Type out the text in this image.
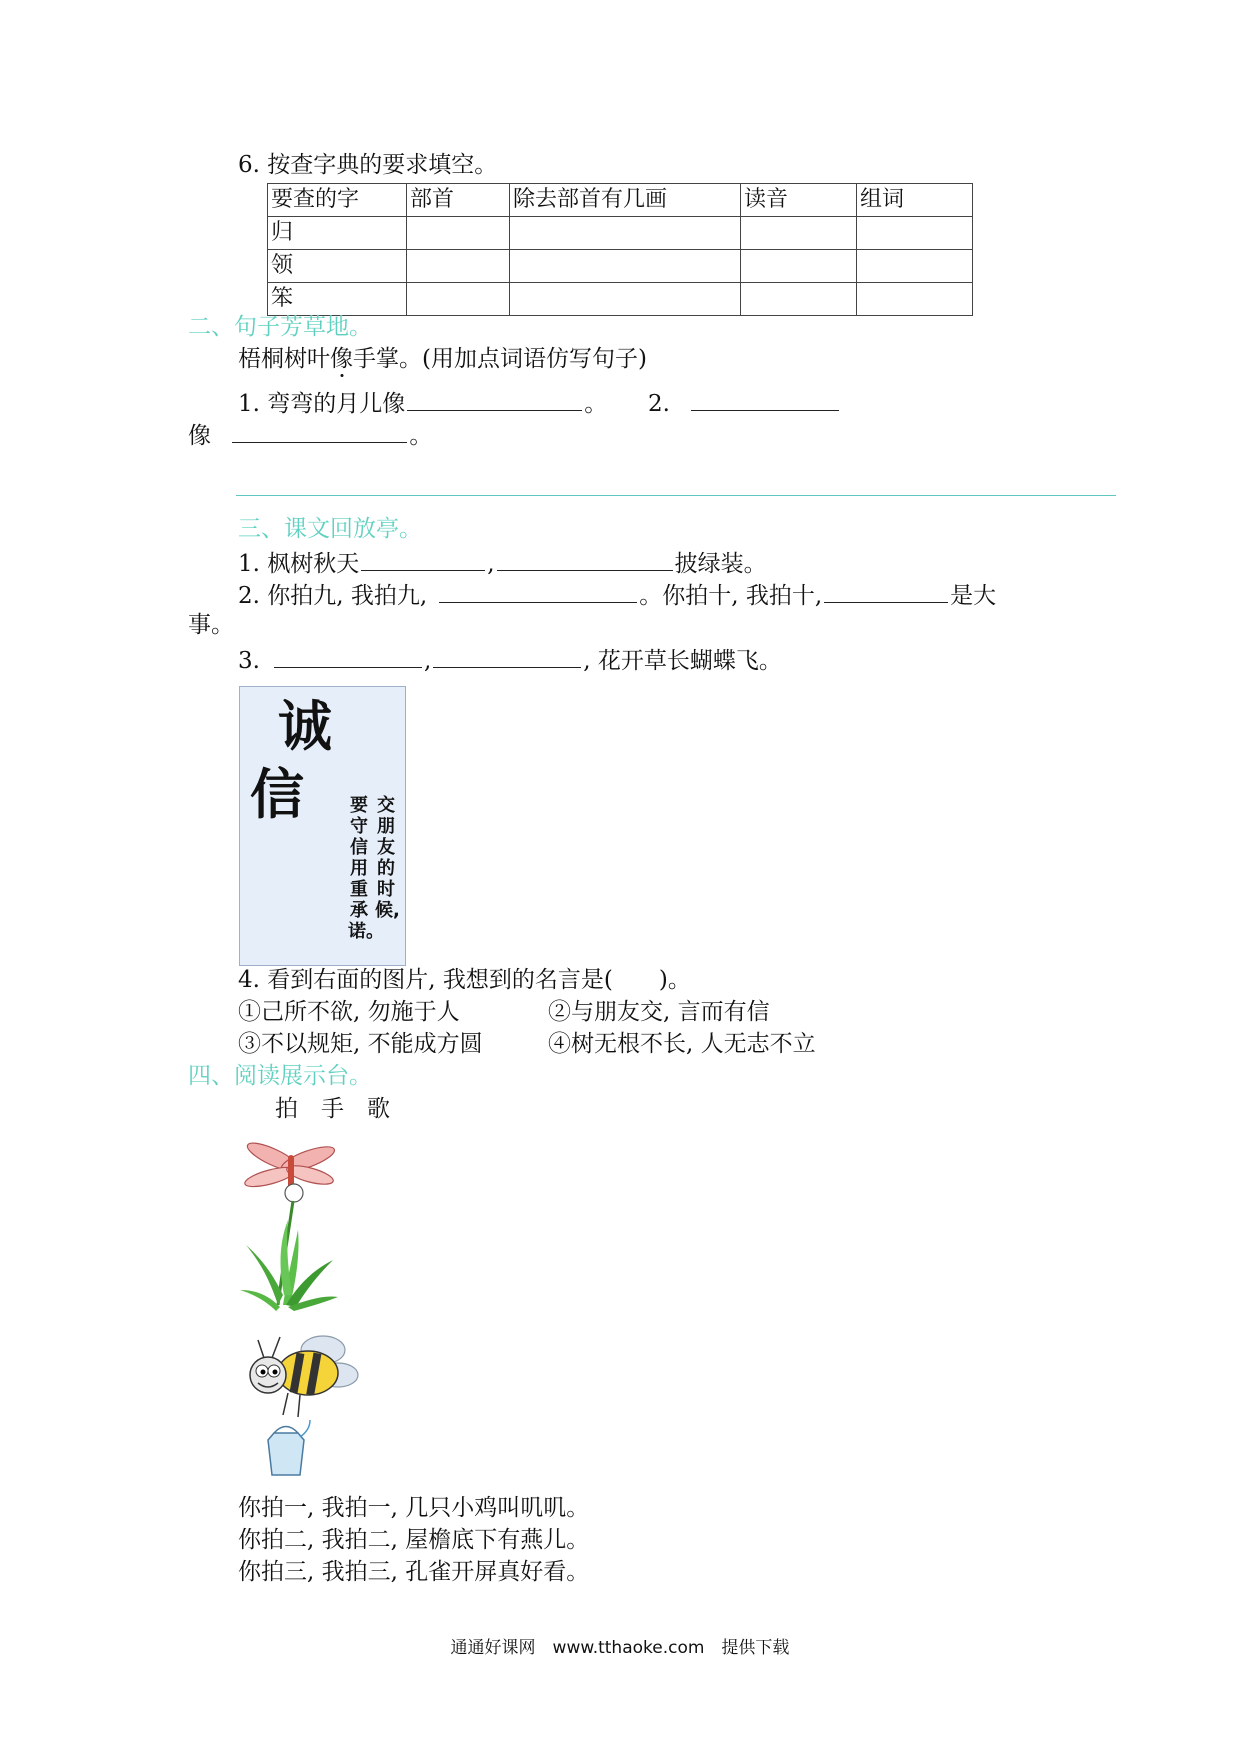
6. 按查字典的要求填空。
要查的字	部首	除去部首有几画	读音	组词
归				
领				
笨				
二、句子芳草地。
梧桐树叶像手掌。(用加点词语仿写句子)
1. 弯弯的月儿像	。 2.
像	。
三、课文回放亭。
1. 枫树秋天	,	披绿装。
2. 你拍九, 我拍九,	。你拍十, 我拍十,	是大
事。
3.	,	, 花开草长蝴蝶飞。
诚
信	交朋友的时候,
要守信用重承诺。
4. 看到右面的图片, 我想到的名言是(　　)。
①己所不欲, 勿施于人	②与朋友交, 言而有信
③不以规矩, 不能成方圆	④树无根不长, 人无志不立
四、阅读展示台。
拍　手　歌
你拍一, 我拍一, 几只小鸡叫叽叽。
你拍二, 我拍二, 屋檐底下有燕儿。
你拍三, 我拍三, 孔雀开屏真好看。
通通好课网　www.tthaoke.com　提供下载
